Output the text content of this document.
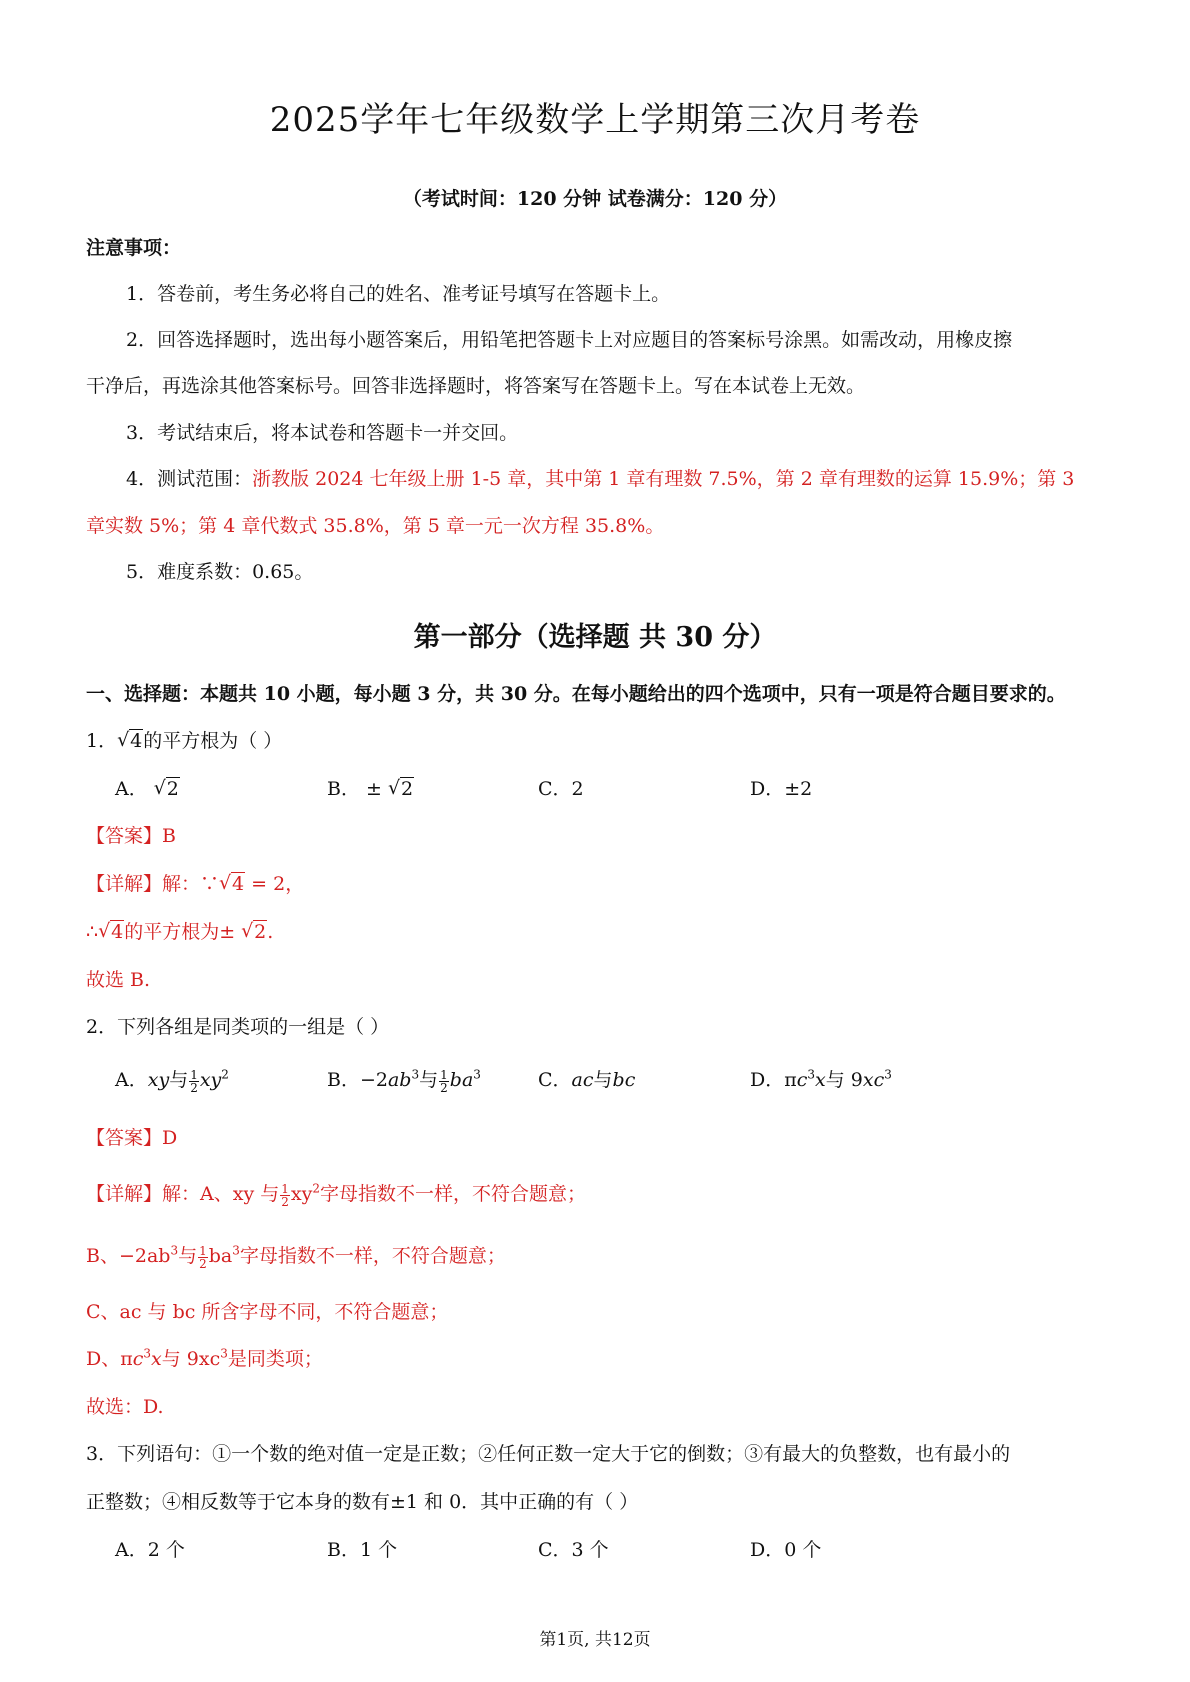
2025学年七年级数学上学期第三次月考卷
（考试时间：120 分钟 试卷满分：120 分）
注意事项：
1．答卷前，考生务必将自己的姓名、准考证号填写在答题卡上。
2．回答选择题时，选出每小题答案后，用铅笔把答题卡上对应题目的答案标号涂黑。如需改动，用橡皮擦
干净后，再选涂其他答案标号。回答非选择题时，将答案写在答题卡上。写在本试卷上无效。
3．考试结束后，将本试卷和答题卡一并交回。
4．测试范围：浙教版 2024 七年级上册 1-5 章，其中第 1 章有理数 7.5%，第 2 章有理数的运算 15.9%；第 3
章实数 5%；第 4 章代数式 35.8%，第 5 章一元一次方程 35.8%。
5．难度系数：0.65。
第一部分（选择题 共 30 分）
一、选择题：本题共 10 小题，每小题 3 分，共 30 分。在每小题给出的四个选项中，只有一项是符合题目要求的。
1． √ 4的平方根为（ ）
A． √ 2	B． ± √ 2	C．2	D．±2
【答案】B
【详解】解：∵ √ 4 = 2，
∴ √ 4的平方根为± √ 2.
故选 B.
2．下列各组是同类项的一组是（ ）
A．xy与 $\frac{1}{2} xy^2$	B．$-2ab^3$与 $\frac{1}{2} ba^3$	C．ac与bc	D．$\pi c^3x$与 $9xc^3$
【答案】D
【详解】解：A、xy 与 $\frac{1}{2} xy^2$字母指数不一样，不符合题意；
B、$-2ab^3$与 $\frac{1}{2} ba^3$字母指数不一样，不符合题意；
C、ac 与 bc 所含字母不同，不符合题意；
D、$\pi c^3x$与 $9xc^3$是同类项；
故选：D.
3．下列语句：①一个数的绝对值一定是正数；②任何正数一定大于它的倒数；③有最大的负整数，也有最小的
正整数；④相反数等于它本身的数有±1 和 0．其中正确的有（ ）
A．2 个	B．1 个	C．3 个	D．0 个
第1页, 共12页
